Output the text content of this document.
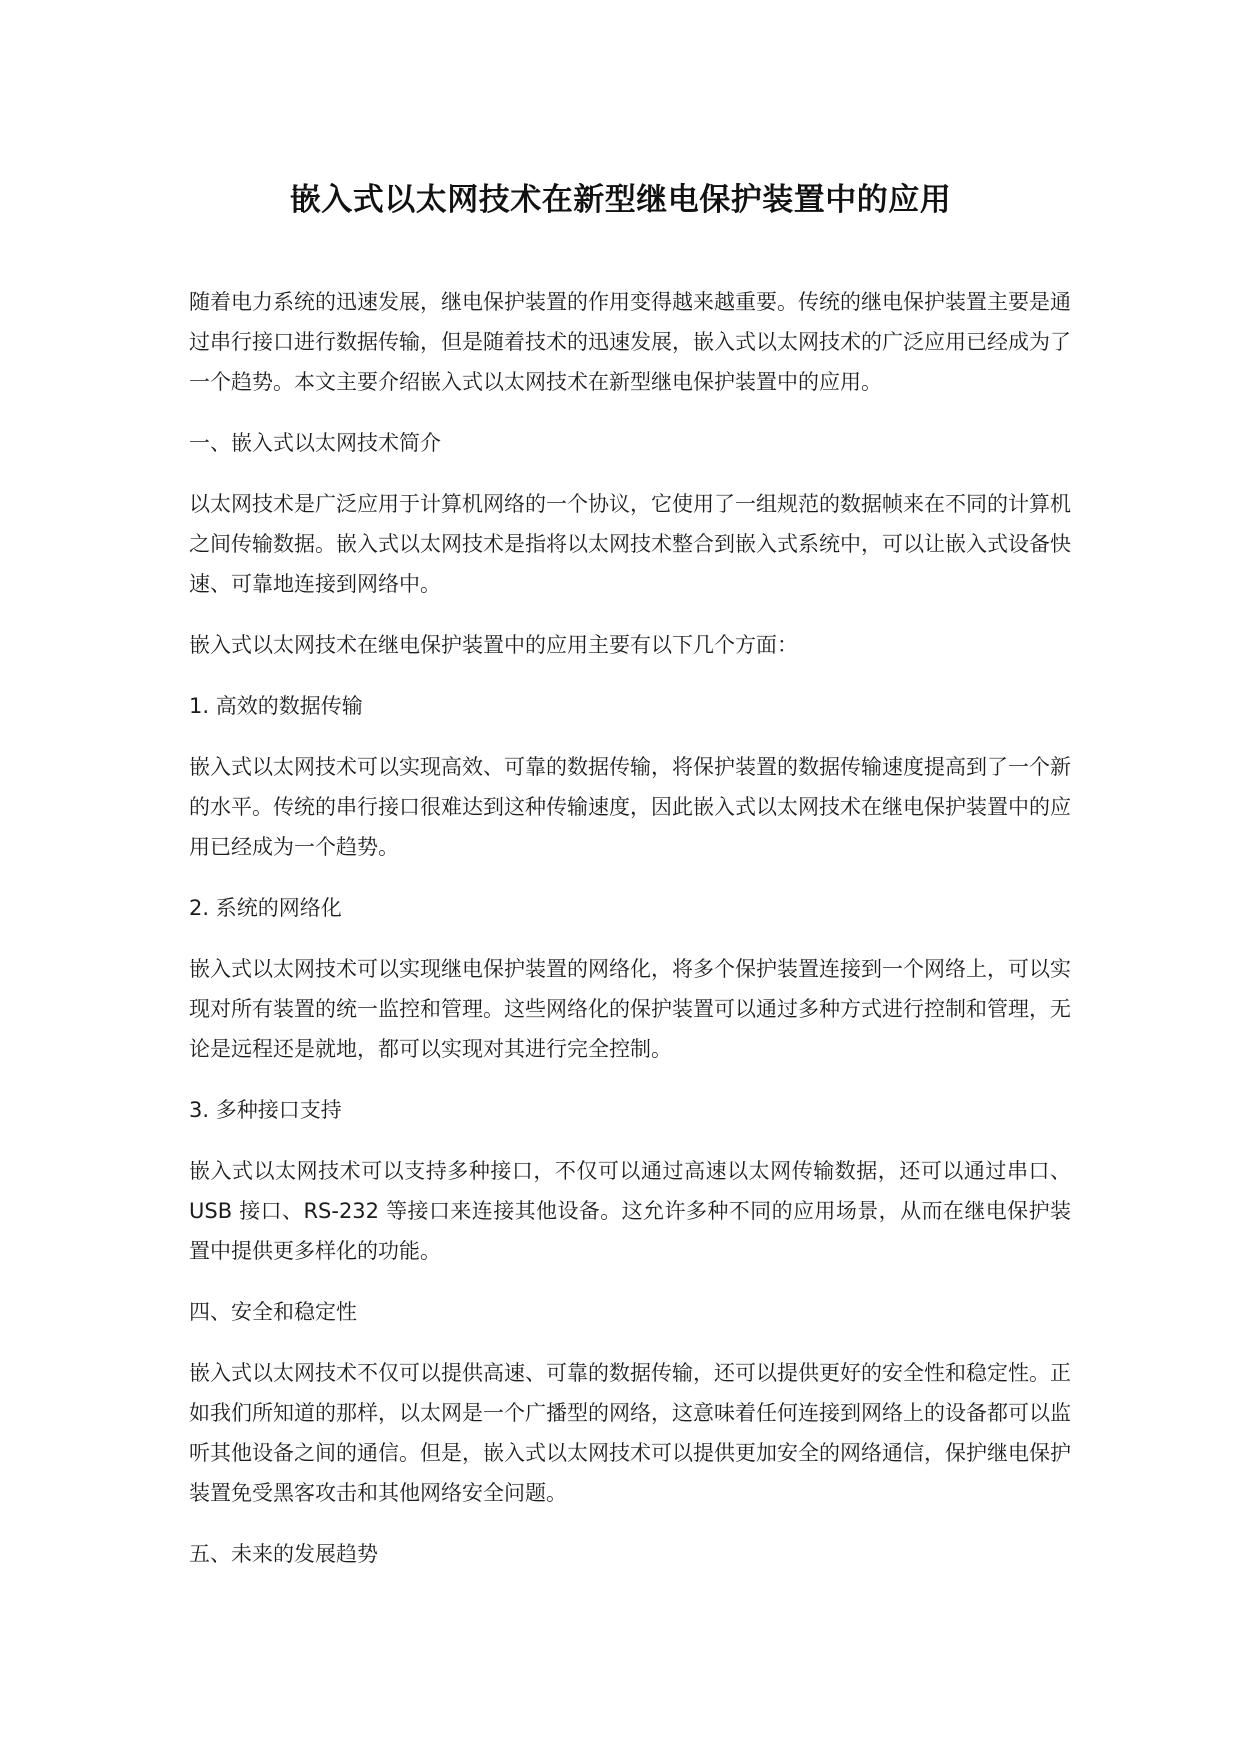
嵌入式以太网技术在新型继电保护装置中的应用

随着电力系统的迅速发展，继电保护装置的作用变得越来越重要。传统的继电保护装置主要是通过串行接口进行数据传输，但是随着技术的迅速发展，嵌入式以太网技术的广泛应用已经成为了一个趋势。本文主要介绍嵌入式以太网技术在新型继电保护装置中的应用。

一、嵌入式以太网技术简介

以太网技术是广泛应用于计算机网络的一个协议，它使用了一组规范的数据帧来在不同的计算机之间传输数据。嵌入式以太网技术是指将以太网技术整合到嵌入式系统中，可以让嵌入式设备快速、可靠地连接到网络中。

嵌入式以太网技术在继电保护装置中的应用主要有以下几个方面：

1. 高效的数据传输

嵌入式以太网技术可以实现高效、可靠的数据传输，将保护装置的数据传输速度提高到了一个新的水平。传统的串行接口很难达到这种传输速度，因此嵌入式以太网技术在继电保护装置中的应用已经成为一个趋势。

2. 系统的网络化

嵌入式以太网技术可以实现继电保护装置的网络化，将多个保护装置连接到一个网络上，可以实现对所有装置的统一监控和管理。这些网络化的保护装置可以通过多种方式进行控制和管理，无论是远程还是就地，都可以实现对其进行完全控制。

3. 多种接口支持

嵌入式以太网技术可以支持多种接口，不仅可以通过高速以太网传输数据，还可以通过串口、USB 接口、RS-232 等接口来连接其他设备。这允许多种不同的应用场景，从而在继电保护装置中提供更多样化的功能。

四、安全和稳定性

嵌入式以太网技术不仅可以提供高速、可靠的数据传输，还可以提供更好的安全性和稳定性。正如我们所知道的那样，以太网是一个广播型的网络，这意味着任何连接到网络上的设备都可以监听其他设备之间的通信。但是，嵌入式以太网技术可以提供更加安全的网络通信，保护继电保护装置免受黑客攻击和其他网络安全问题。

五、未来的发展趋势
